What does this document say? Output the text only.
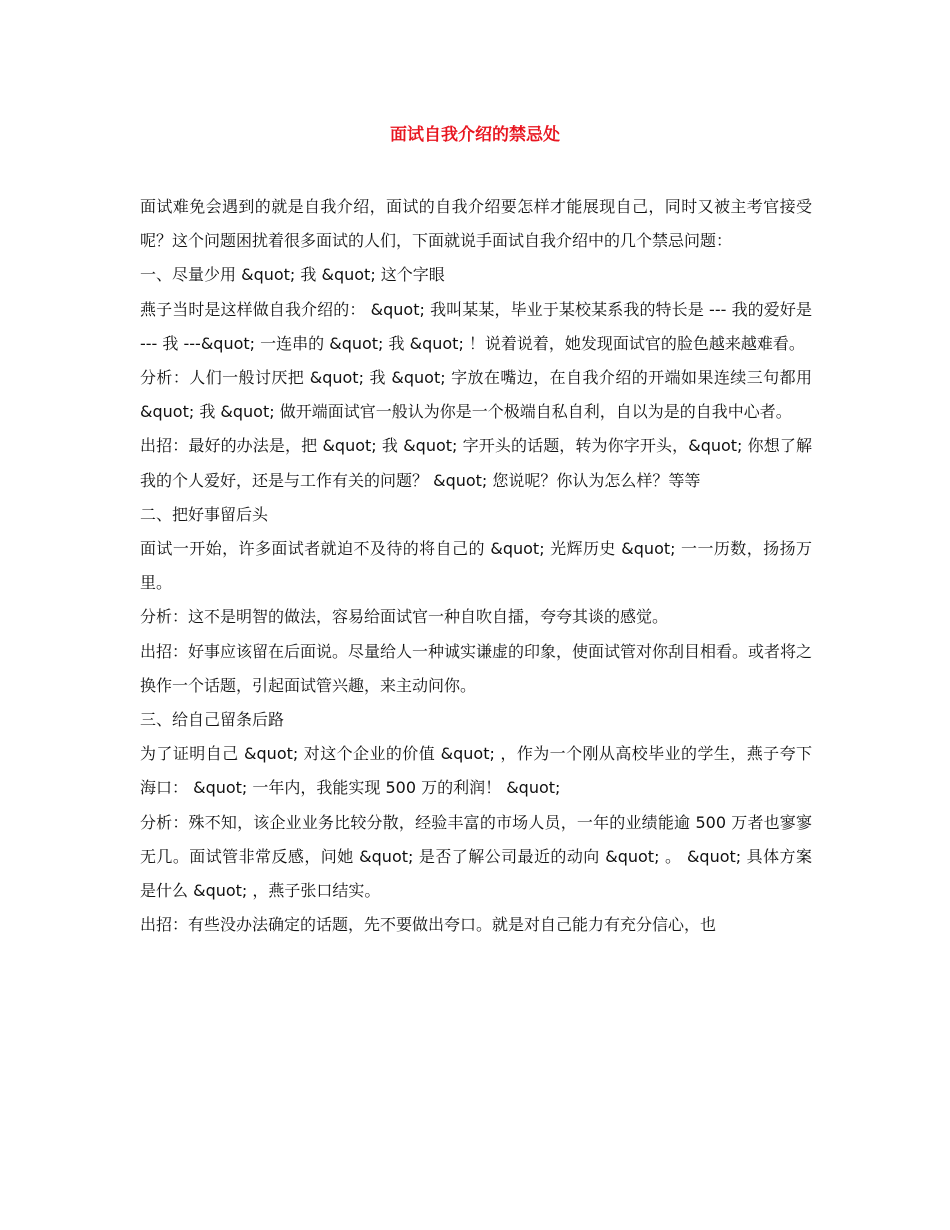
面试自我介绍的禁忌处

面试难免会遇到的就是自我介绍，面试的自我介绍要怎样才能展现自己，同时又被主考官接受呢？这个问题困扰着很多面试的人们，下面就说手面试自我介绍中的几个禁忌问题：

一、尽量少用 &quot; 我 &quot; 这个字眼

燕子当时是这样做自我介绍的： &quot; 我叫某某，毕业于某校某系我的特长是 --- 我的爱好是 --- 我 ---&quot; 一连串的 &quot; 我 &quot; ！说着说着，她发现面试官的脸色越来越难看。

分析：人们一般讨厌把 &quot; 我 &quot; 字放在嘴边，在自我介绍的开端如果连续三句都用 &quot; 我 &quot; 做开端面试官一般认为你是一个极端自私自利，自以为是的自我中心者。

出招：最好的办法是，把 &quot; 我 &quot; 字开头的话题，转为你字开头，&quot; 你想了解我的个人爱好，还是与工作有关的问题？ &quot; 您说呢？你认为怎么样？等等

二、把好事留后头

面试一开始，许多面试者就迫不及待的将自己的 &quot; 光辉历史 &quot; 一一历数，扬扬万里。

分析：这不是明智的做法，容易给面试官一种自吹自擂，夸夸其谈的感觉。

出招：好事应该留在后面说。尽量给人一种诚实谦虚的印象，使面试管对你刮目相看。或者将之换作一个话题，引起面试管兴趣，来主动问你。

三、给自己留条后路

为了证明自己 &quot; 对这个企业的价值 &quot; ，作为一个刚从高校毕业的学生，燕子夸下海口： &quot; 一年内，我能实现 500 万的利润！ &quot;

分析：殊不知，该企业业务比较分散，经验丰富的市场人员，一年的业绩能逾 500 万者也寥寥无几。面试管非常反感，问她 &quot; 是否了解公司最近的动向 &quot; 。 &quot; 具体方案是什么 &quot; ，燕子张口结实。

出招：有些没办法确定的话题，先不要做出夸口。就是对自己能力有充分信心，也
